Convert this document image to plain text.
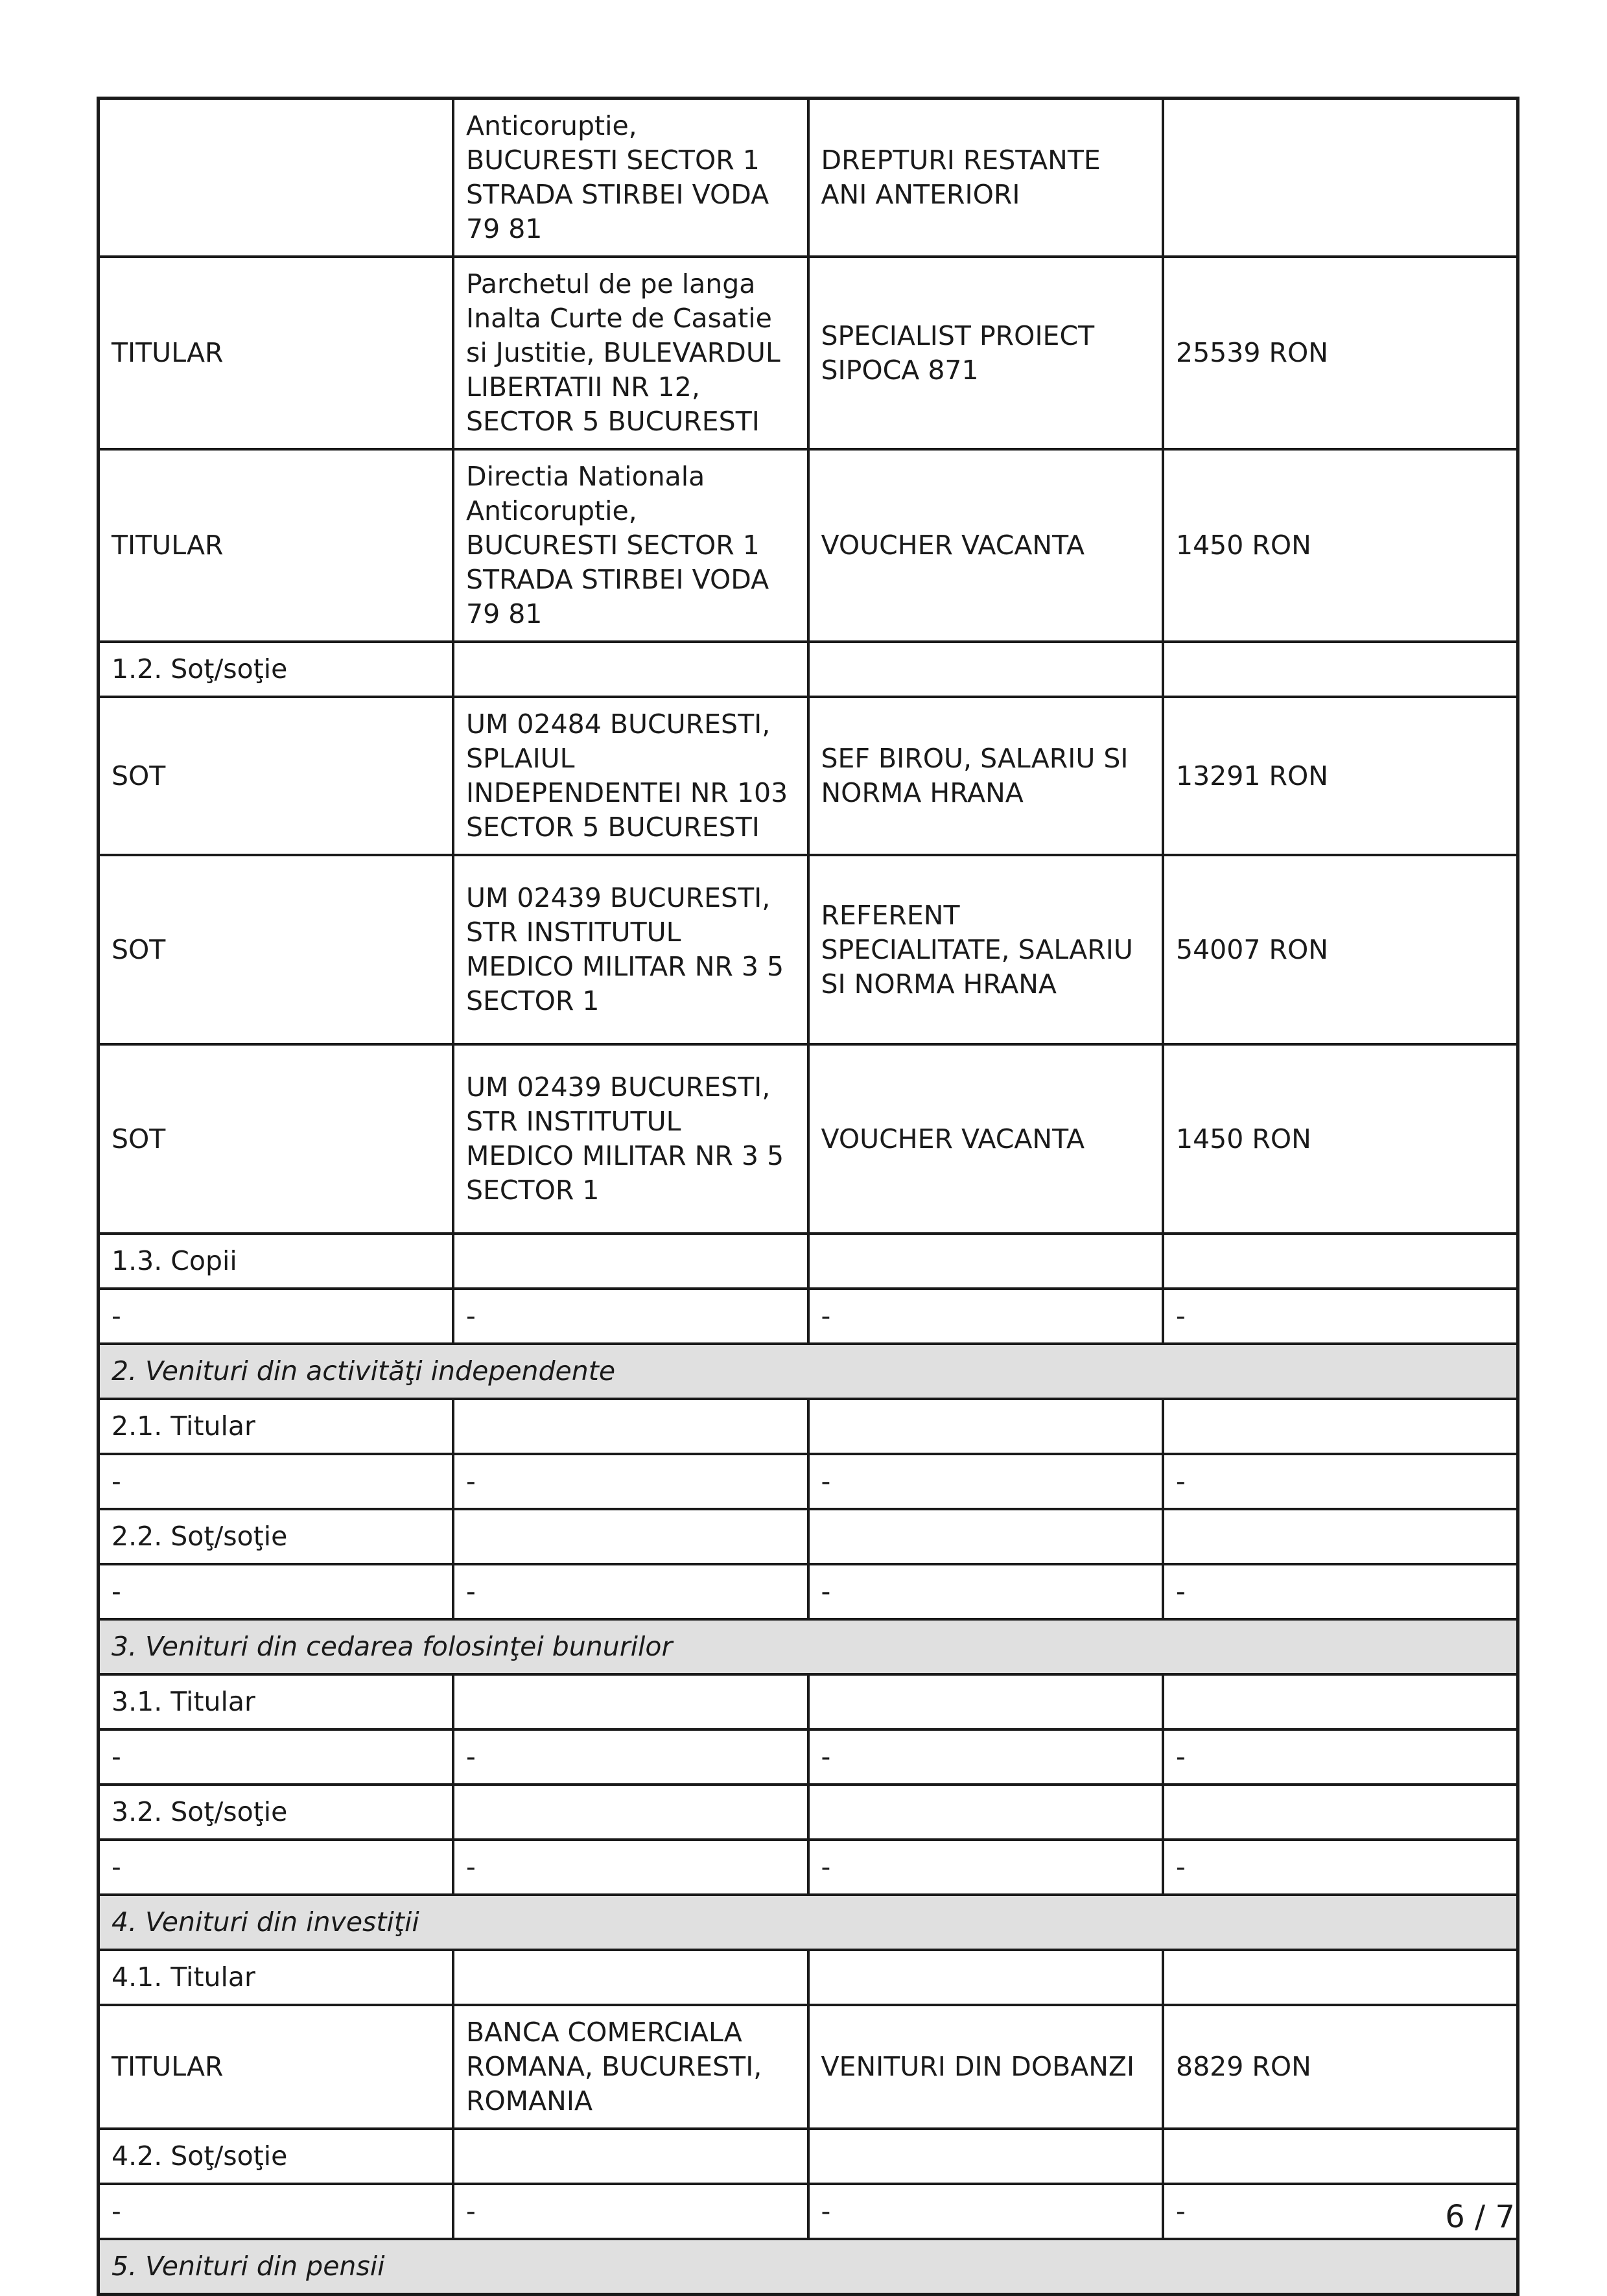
	Anticoruptie, BUCURESTI SECTOR 1 STRADA STIRBEI VODA 79 81	DREPTURI RESTANTE ANI ANTERIORI	
TITULAR	Parchetul de pe langa Inalta Curte de Casatie si Justitie, BULEVARDUL LIBERTATII NR 12, SECTOR 5 BUCURESTI	SPECIALIST PROIECT SIPOCA 871	25539 RON
TITULAR	Directia Nationala Anticoruptie, BUCURESTI SECTOR 1 STRADA STIRBEI VODA 79 81	VOUCHER VACANTA	1450 RON
1.2. Soţ/soţie			
SOT	UM 02484 BUCURESTI, SPLAIUL INDEPENDENTEI NR 103 SECTOR 5 BUCURESTI	SEF BIROU, SALARIU SI NORMA HRANA	13291 RON
SOT	UM 02439 BUCURESTI, STR INSTITUTUL MEDICO MILITAR NR 3 5 SECTOR 1	REFERENT SPECIALITATE, SALARIU SI NORMA HRANA	54007 RON
SOT	UM 02439 BUCURESTI, STR INSTITUTUL MEDICO MILITAR NR 3 5 SECTOR 1	VOUCHER VACANTA	1450 RON
1.3. Copii			
-	-	-	-
2. Venituri din activităţi independente			
2.1. Titular			
-	-	-	-
2.2. Soţ/soţie			
-	-	-	-
3. Venituri din cedarea folosinţei bunurilor			
3.1. Titular			
-	-	-	-
3.2. Soţ/soţie			
-	-	-	-
4. Venituri din investiţii			
4.1. Titular			
TITULAR	BANCA COMERCIALA ROMANA, BUCURESTI, ROMANIA	VENITURI DIN DOBANZI	8829 RON
4.2. Soţ/soţie			
-	-	-	-
5. Venituri din pensii			
6 / 7
